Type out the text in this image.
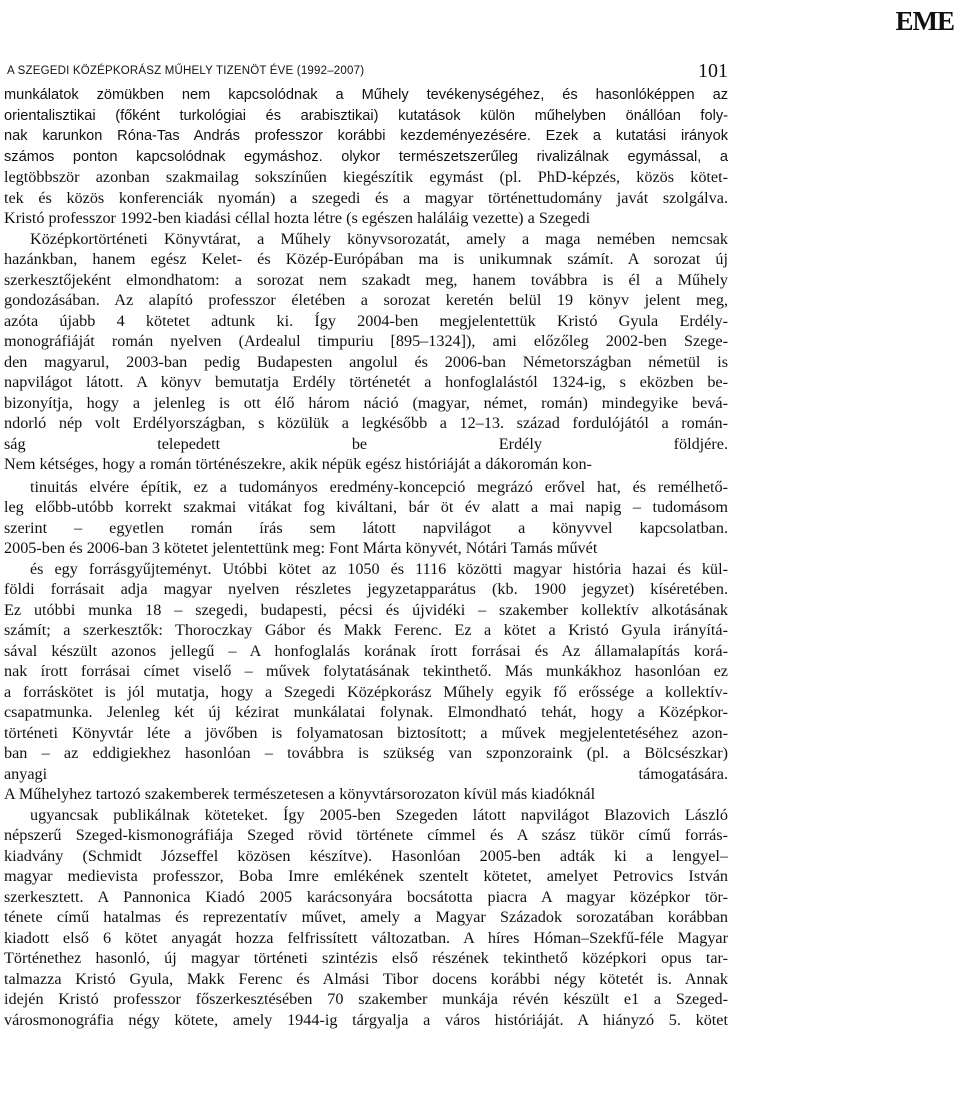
EME
A SZEGEDI KÖZÉPKORÁSZ MŰHELY TIZENÖT ÉVE (1992–2007)	101
munkálatok zömükben nem kapcsolódnak a Műhely tevékenységéhez, és hasonlóképpen az
orientalisztikai (főként turkológiai és arabisztikai) kutatások külön műhelyben önállóan foly-
nak karunkon Róna-Tas András professzor korábbi kezdeményezésére. Ezek a kutatási irányok
számos ponton kapcsolódnak egymáshoz. olykor természetszerűleg rivalizálnak egymással, a
legtöbbször azonban szakmailag sokszínűen kiegészítik egymást (pl. PhD-képzés, közös kötet-
tek és közös konferenciák nyomán) a szegedi és a magyar történettudomány javát szolgálva.
Kristó professzor 1992-ben kiadási céllal hozta létre (s egészen haláláig vezette) a Szegedi
Középkortörténeti Könyvtárat, a Műhely könyvsorozatát, amely a maga nemében nemcsak
hazánkban, hanem egész Kelet- és Közép-Európában ma is unikumnak számít. A sorozat új
szerkesztőjeként elmondhatom: a sorozat nem szakadt meg, hanem továbbra is él a Műhely
gondozásában. Az alapító professzor életében a sorozat keretén belül 19 könyv jelent meg,
azóta újabb 4 kötetet adtunk ki. Így 2004-ben megjelentettük Kristó Gyula Erdély-
monográfiáját román nyelven (Ardealul timpuriu [895–1324]), ami előzőleg 2002-ben Szege-
den magyarul, 2003-ban pedig Budapesten angolul és 2006-ban Németországban németül is
napvilágot látott. A könyv bemutatja Erdély történetét a honfoglalástól 1324-ig, s eközben be-
bizonyítja, hogy a jelenleg is ott élő három náció (magyar, német, román) mindegyike bevá-
ndorló nép volt Erdélyországban, s közülük a legkésőbb a 12–13. század fordulójától a román-
ság telepedett be Erdély földjére.
Nem kétséges, hogy a román történészekre, akik népük egész históriáját a dákoromán kon-
tinuitás elvére építik, ez a tudományos eredmény-koncepció megrázó erővel hat, és remélhető-
leg előbb-utóbb korrekt szakmai vitákat fog kiváltani, bár öt év alatt a mai napig – tudomásom
szerint – egyetlen román írás sem látott napvilágot a könyvvel kapcsolatban.
2005-ben és 2006-ban 3 kötetet jelentettünk meg: Font Márta könyvét, Nótári Tamás művét
és egy forrásgyűjteményt. Utóbbi kötet az 1050 és 1116 közötti magyar história hazai és kül-
földi forrásait adja magyar nyelven részletes jegyzetapparátus (kb. 1900 jegyzet) kíséretében.
Ez utóbbi munka 18 – szegedi, budapesti, pécsi és újvidéki – szakember kollektív alkotásának
számít; a szerkesztők: Thoroczkay Gábor és Makk Ferenc. Ez a kötet a Kristó Gyula irányítá-
sával készült azonos jellegű – A honfoglalás korának írott forrásai és Az államalapítás korá-
nak írott forrásai címet viselő – művek folytatásának tekinthető. Más munkákhoz hasonlóan ez
a forráskötet is jól mutatja, hogy a Szegedi Középkorász Műhely egyik fő erőssége a kollektív-
csapatmunka. Jelenleg két új kézirat munkálatai folynak. Elmondható tehát, hogy a Középkor-
történeti Könyvtár léte a jövőben is folyamatosan biztosított; a művek megjelentetéséhez azon-
ban – az eddigiekhez hasonlóan – továbbra is szükség van szponzoraink (pl. a Bölcsészkar)
anyagi támogatására.
A Műhelyhez tartozó szakemberek természetesen a könyvtársorozaton kívül más kiadóknál
ugyancsak publikálnak köteteket. Így 2005-ben Szegeden látott napvilágot Blazovich László
népszerű Szeged-kismonográfiája Szeged rövid története címmel és A szász tükör című forrás-
kiadvány (Schmidt Józseffel közösen készítve). Hasonlóan 2005-ben adták ki a lengyel–
magyar medievista professzor, Boba Imre emlékének szentelt kötetet, amelyet Petrovics István
szerkesztett. A Pannonica Kiadó 2005 karácsonyára bocsátotta piacra A magyar középkor tör-
ténete című hatalmas és reprezentatív művet, amely a Magyar Századok sorozatában korábban
kiadott első 6 kötet anyagát hozza felfrissített változatban. A híres Hóman–Szekfű-féle Magyar
Történethez hasonló, új magyar történeti szintézis első részének tekinthető középkori opus tar-
talmazza Kristó Gyula, Makk Ferenc és Almási Tibor docens korábbi négy kötetét is. Annak
idején Kristó professzor főszerkesztésében 70 szakember munkája révén készült e1 a Szeged-
városmonográfia négy kötete, amely 1944-ig tárgyalja a város históriáját. A hiányzó 5. kötet
